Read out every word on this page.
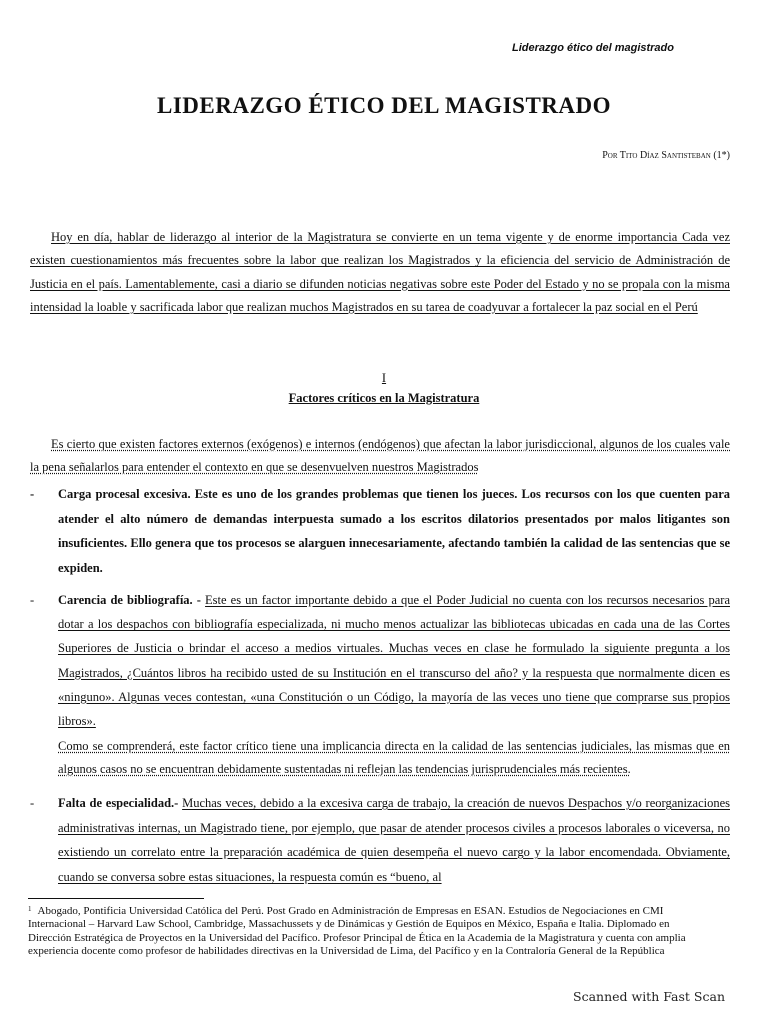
Liderazgo ético del magistrado
LIDERAZGO ÉTICO DEL MAGISTRADO
Por Tito Díaz Santisteban (1*)

Hoy en día, hablar de liderazgo al interior de la Magistratura se convierte en un tema vigente y de enorme importancia Cada vez existen cuestionamientos más frecuentes sobre la labor que realizan los Magistrados y la eficiencia del servicio de Administración de Justicia en el país. Lamentablemente, casi a diario se difunden noticias negativas sobre este Poder del Estado y no se propala con la misma intensidad la loable y sacrificada labor que realizan muchos Magistrados en su tarea de coadyuvar a fortalecer la paz social en el Perú

I
Factores críticos en la Magistratura

Es cierto que existen factores externos (exógenos) e internos (endógenos) que afectan la labor jurisdiccional, algunos de los cuales vale la pena señalarlos para entender el contexto en que se desenvuelven nuestros Magistrados

-	Carga procesal excesiva. Este es uno de los grandes problemas que tienen los jueces. Los recursos con los que cuenten para atender el alto número de demandas interpuesta sumado a los escritos dilatorios presentados por malos litigantes son insuficientes. Ello genera que tos procesos se alarguen innecesariamente, afectando también la calidad de las sentencias que se expiden.
-	Carencia de bibliografía. - Este es un factor importante debido a que el Poder Judicial no cuenta con los recursos necesarios para dotar a los despachos con bibliografía especializada, ni mucho menos actualizar las bibliotecas ubicadas en cada una de las Cortes Superiores de Justicia o brindar el acceso a medios virtuales. Muchas veces en clase he formulado la siguiente pregunta a los Magistrados, ¿Cuántos libros ha recibido usted de su Institución en el transcurso del año? y la respuesta que normalmente dicen es «ninguno». Algunas veces contestan, «una Constitución o un Código, la mayoría de las veces uno tiene que comprarse sus propios libros».

Como se comprenderá, este factor crítico tiene una implicancia directa en la calidad de las sentencias judiciales, las mismas que en algunos casos no se encuentran debidamente sustentadas ni reflejan las tendencias jurisprudenciales más recientes.

-	Falta de especialidad.- Muchas veces, debido a la excesiva carga de trabajo, la creación de nuevos Despachos y/o reorganizaciones administrativas internas, un Magistrado tiene, por ejemplo, que pasar de atender procesos civiles a procesos laborales o viceversa, no existiendo un correlato entre la preparación académica de quien desempeña el nuevo cargo y la labor encomendada. Obviamente, cuando se conversa sobre estas situaciones, la respuesta común es “bueno, al
$^1$ Abogado, Pontificia Universidad Católica del Perú. Post Grado en Administración de Empresas en ESAN. Estudios de Negociaciones en CMI Internacional – Harvard Law School, Cambridge, Massachussets y de Dinámicas y Gestión de Equipos en México, España e Italia. Diplomado en Dirección Estratégica de Proyectos en la Universidad del Pacífico. Profesor Principal de Ética en la Academia de la Magistratura y cuenta con amplia experiencia docente como profesor de habilidades directivas en la Universidad de Lima, del Pacífico y en la Contraloría General de la República
Scanned with Fast Scan
